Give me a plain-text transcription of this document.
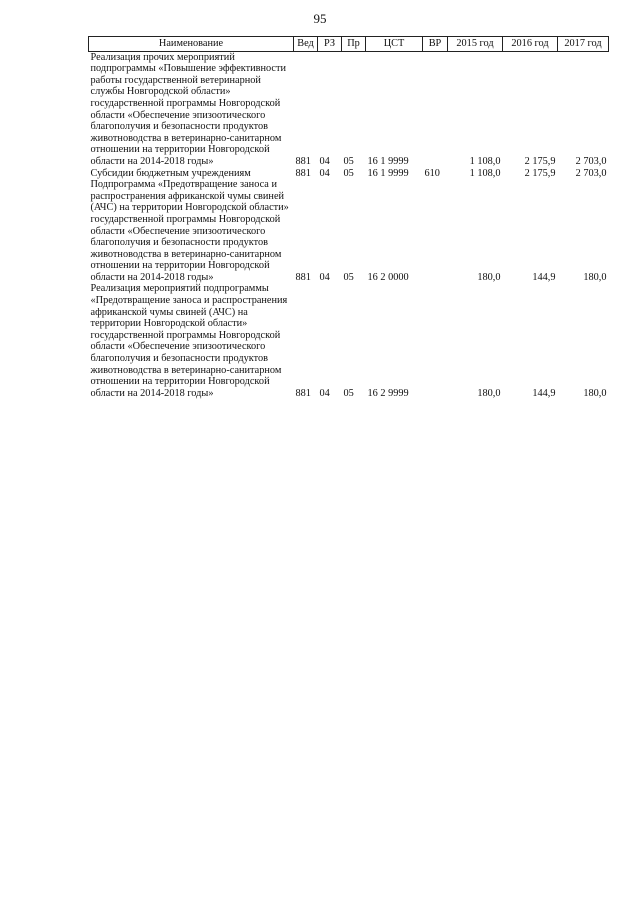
95
Наименование	Вед	РЗ	Пр	ЦСТ	ВР	2015 год	2016 год	2017 год
Реализация прочих мероприятий подпрограммы «Повышение эффективности работы государственной ветеринарной службы Новгородской области» государственной программы Новгородской области «Обеспечение эпизоотического благополучия и безопасности продуктов животноводства в ветеринарно-санитарном отношении на территории Новгородской области на 2014-2018 годы»	881	04	05	16 1 9999		1 108,0	2 175,9	2 703,0
Субсидии бюджетным учреждениям	881	04	05	16 1 9999	610	1 108,0	2 175,9	2 703,0
Подпрограмма «Предотвращение заноса и распространения африканской чумы свиней (АЧС) на территории Новгородской области» государственной программы Новгородской области «Обеспечение эпизоотического благополучия и безопасности продуктов животноводства в ветеринарно-санитарном отношении на территории Новгородской области на 2014-2018 годы»	881	04	05	16 2 0000		180,0	144,9	180,0
Реализация мероприятий подпрограммы «Предотвращение заноса и распространения африканской чумы свиней (АЧС) на территории Новгородской области» государственной программы Новгородской области «Обеспечение эпизоотического благополучия и безопасности продуктов животноводства в ветеринарно-санитарном отношении на территории Новгородской области на 2014-2018 годы»	881	04	05	16 2 9999		180,0	144,9	180,0
